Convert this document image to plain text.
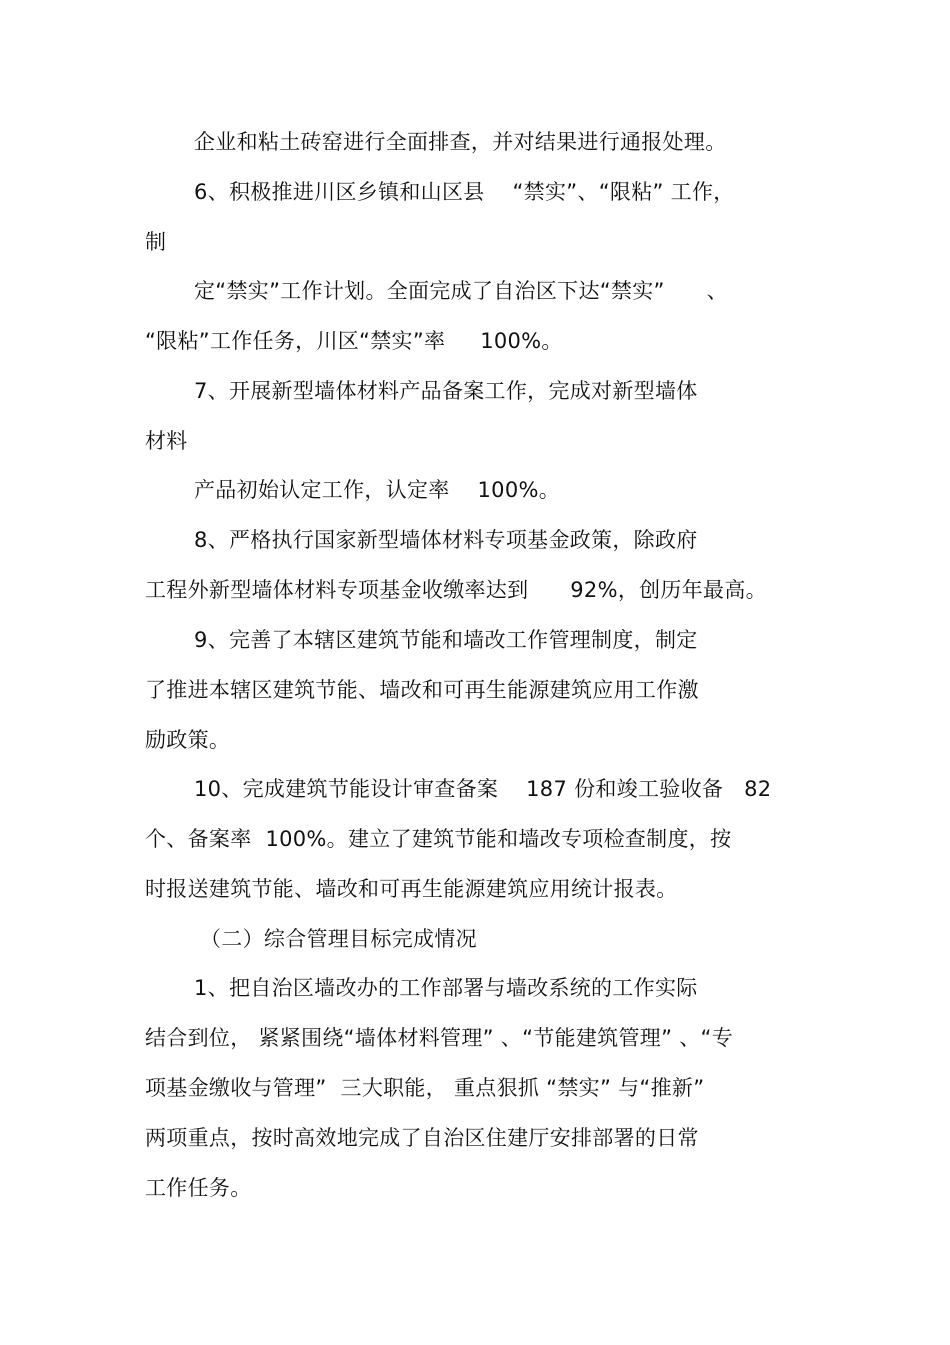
企业和粘土砖窑进行全面排查，并对结果进行通报处理。
6、积极推进川区乡镇和山区县    “禁实”、“限粘” 工作，
制
定“禁实”工作计划。全面完成了自治区下达“禁实”      、
“限粘”工作任务，川区“禁实”率     100%。
7、开展新型墙体材料产品备案工作，完成对新型墙体
材料
产品初始认定工作，认定率    100%。
8、严格执行国家新型墙体材料专项基金政策，除政府
工程外新型墙体材料专项基金收缴率达到      92%，创历年最高。
9、完善了本辖区建筑节能和墙改工作管理制度，制定
了推进本辖区建筑节能、墙改和可再生能源建筑应用工作激
励政策。
10、完成建筑节能设计审查备案    187 份和竣工验收备   82
个、备案率  100%。建立了建筑节能和墙改专项检查制度，按
时报送建筑节能、墙改和可再生能源建筑应用统计报表。
（二）综合管理目标完成情况
1、把自治区墙改办的工作部署与墙改系统的工作实际
结合到位， 紧紧围绕“墙体材料管理” 、“节能建筑管理” 、“专
项基金缴收与管理”  三大职能， 重点狠抓 “禁实” 与“推新”
两项重点，按时高效地完成了自治区住建厅安排部署的日常
工作任务。
